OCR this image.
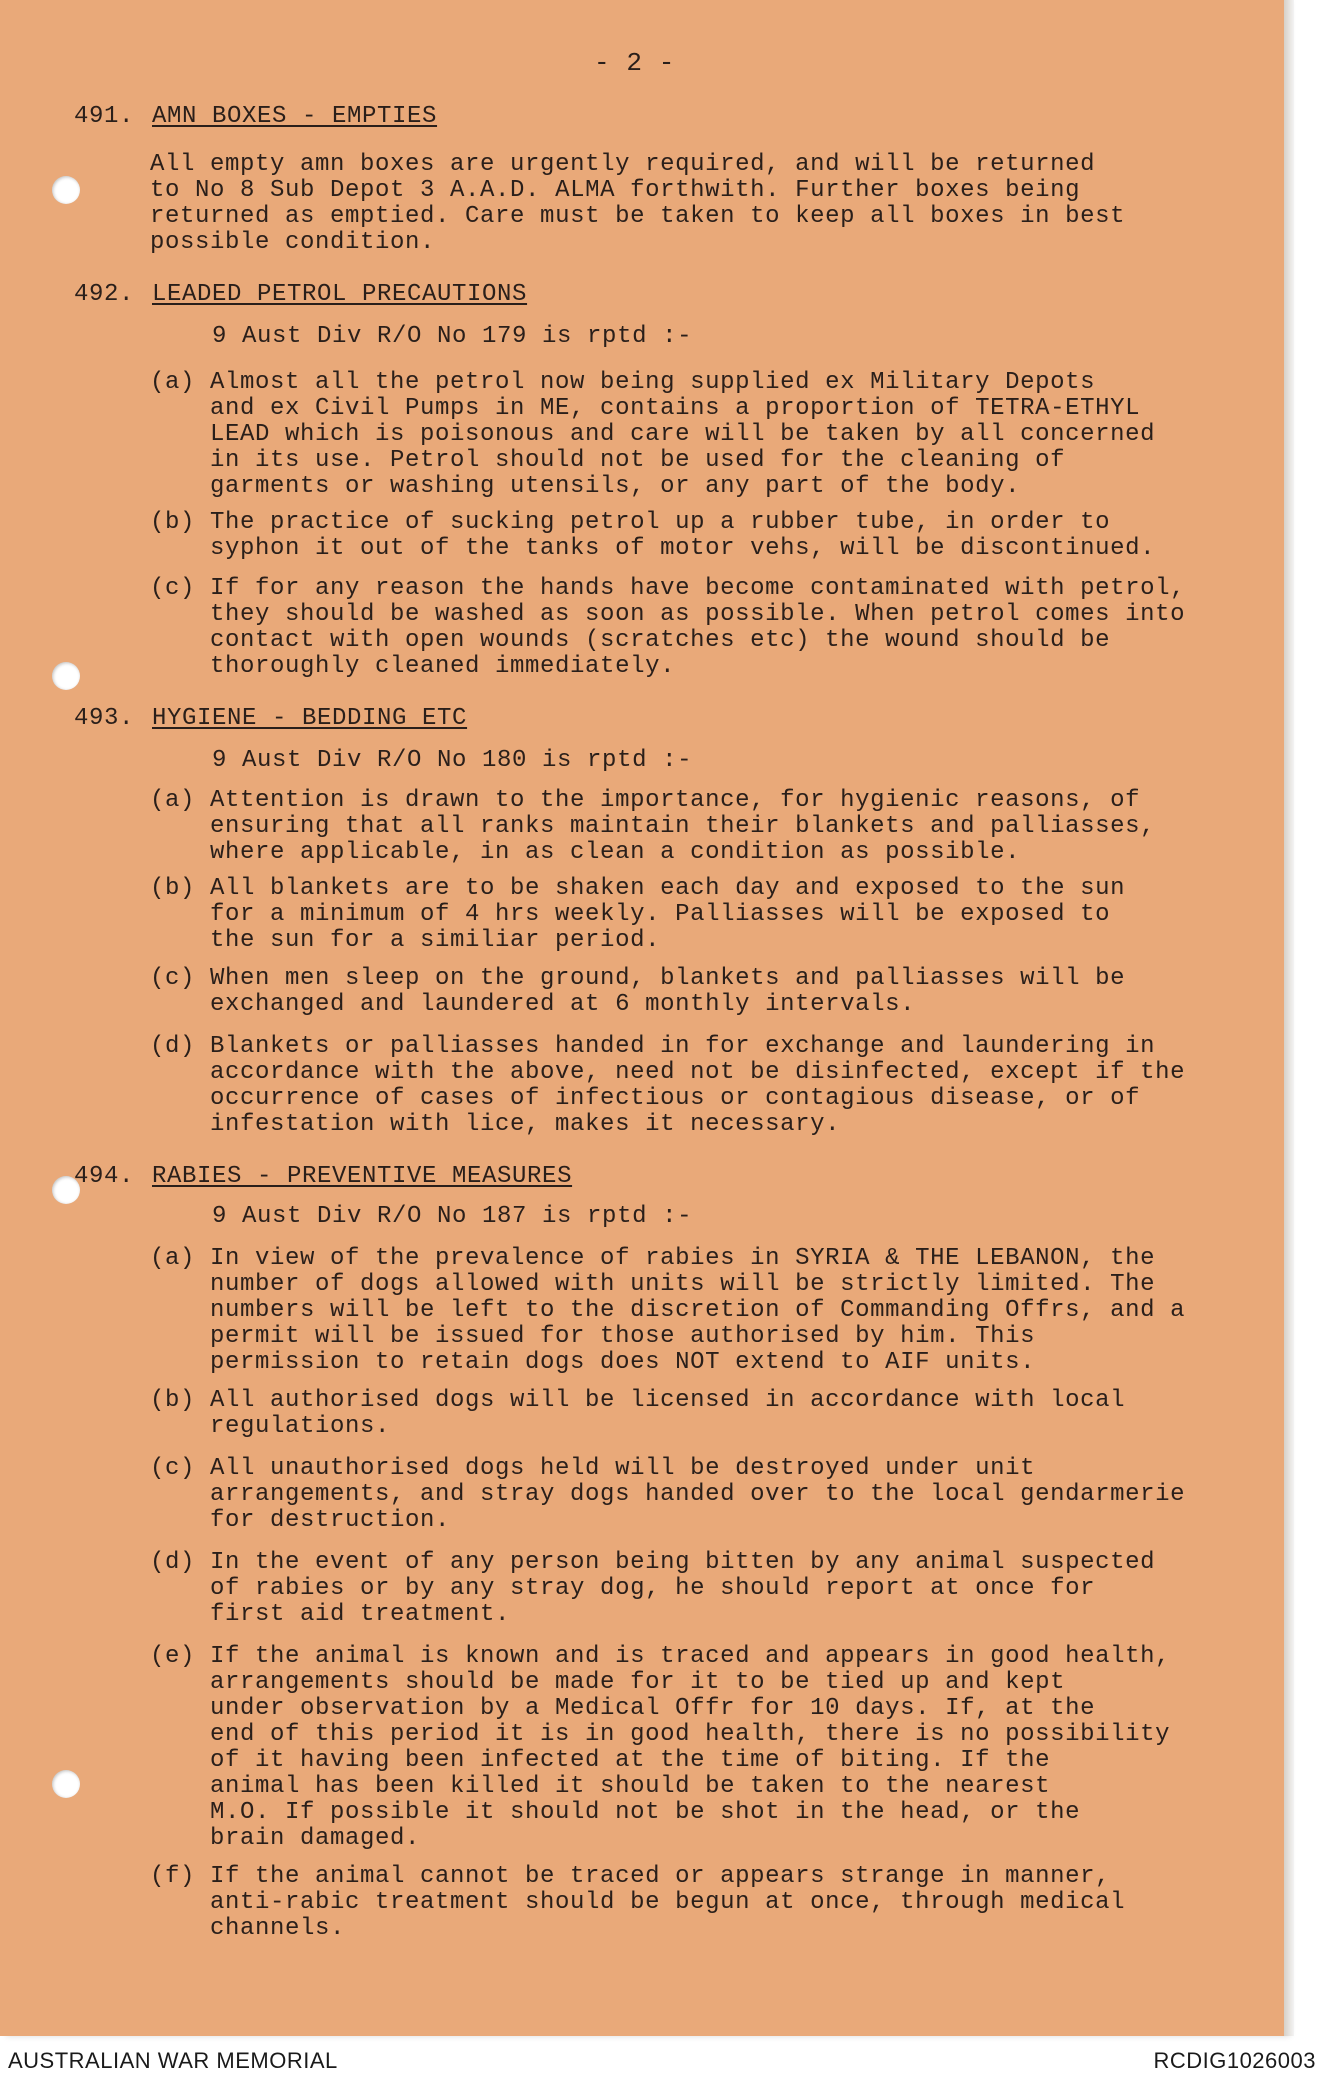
- 2 -
491. AMN BOXES - EMPTIES
All empty amn boxes are urgently required, and will be returned
to No 8 Sub Depot 3 A.A.D. ALMA forthwith. Further boxes being
returned as emptied. Care must be taken to keep all boxes in best
possible condition.
492. LEADED PETROL PRECAUTIONS
9 Aust Div R/O No 179 is rptd :-
(a) Almost all the petrol now being supplied ex Military Depots
and ex Civil Pumps in ME, contains a proportion of TETRA-ETHYL
LEAD which is poisonous and care will be taken by all concerned
in its use. Petrol should not be used for the cleaning of
garments or washing utensils, or any part of the body.
(b) The practice of sucking petrol up a rubber tube, in order to
syphon it out of the tanks of motor vehs, will be discontinued.
(c) If for any reason the hands have become contaminated with petrol,
they should be washed as soon as possible. When petrol comes into
contact with open wounds (scratches etc) the wound should be
thoroughly cleaned immediately.
493. HYGIENE - BEDDING ETC
9 Aust Div R/O No 180 is rptd :-
(a) Attention is drawn to the importance, for hygienic reasons, of
ensuring that all ranks maintain their blankets and palliasses,
where applicable, in as clean a condition as possible.
(b) All blankets are to be shaken each day and exposed to the sun
for a minimum of 4 hrs weekly. Palliasses will be exposed to
the sun for a similiar period.
(c) When men sleep on the ground, blankets and palliasses will be
exchanged and laundered at 6 monthly intervals.
(d) Blankets or palliasses handed in for exchange and laundering in
accordance with the above, need not be disinfected, except if the
occurrence of cases of infectious or contagious disease, or of
infestation with lice, makes it necessary.
494. RABIES - PREVENTIVE MEASURES
9 Aust Div R/O No 187 is rptd :-
(a) In view of the prevalence of rabies in SYRIA & THE LEBANON, the
number of dogs allowed with units will be strictly limited. The
numbers will be left to the discretion of Commanding Offrs, and a
permit will be issued for those authorised by him. This
permission to retain dogs does NOT extend to AIF units.
(b) All authorised dogs will be licensed in accordance with local
regulations.
(c) All unauthorised dogs held will be destroyed under unit
arrangements, and stray dogs handed over to the local gendarmerie
for destruction.
(d) In the event of any person being bitten by any animal suspected
of rabies or by any stray dog, he should report at once for
first aid treatment.
(e) If the animal is known and is traced and appears in good health,
arrangements should be made for it to be tied up and kept
under observation by a Medical Offr for 10 days. If, at the
end of this period it is in good health, there is no possibility
of it having been infected at the time of biting. If the
animal has been killed it should be taken to the nearest
M.O. If possible it should not be shot in the head, or the
brain damaged.
(f) If the animal cannot be traced or appears strange in manner,
anti-rabic treatment should be begun at once, through medical
channels.
AUSTRALIAN WAR MEMORIAL	RCDIG1026003
